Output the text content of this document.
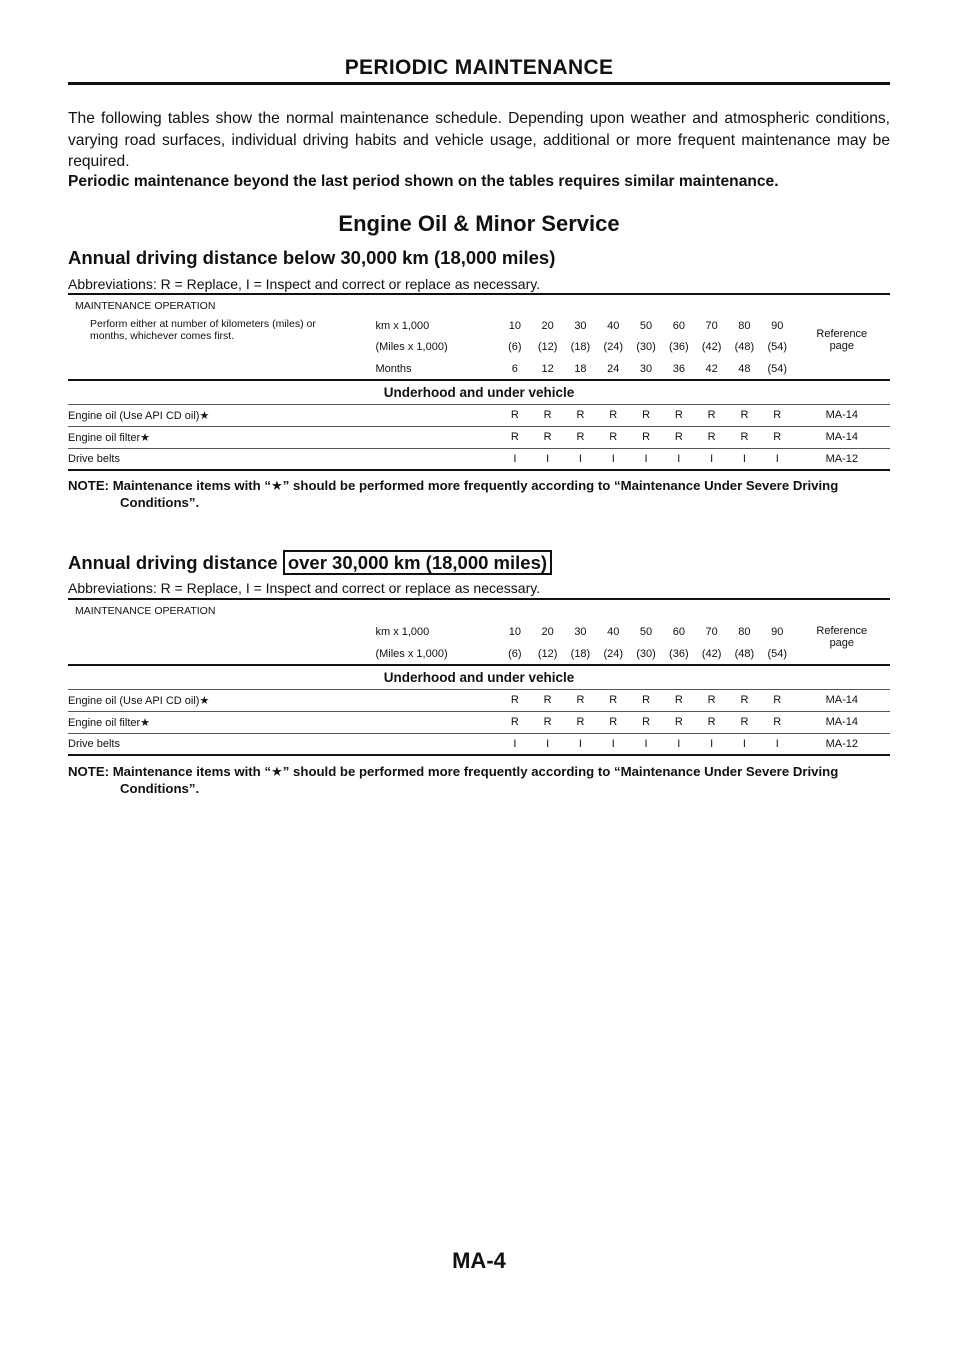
PERIODIC MAINTENANCE
The following tables show the normal maintenance schedule. Depending upon weather and atmospheric conditions, varying road surfaces, individual driving habits and vehicle usage, additional or more frequent maintenance may be required.
Periodic maintenance beyond the last period shown on the tables requires similar maintenance.
Engine Oil & Minor Service
Annual driving distance below 30,000 km (18,000 miles)
Abbreviations: R = Replace, I = Inspect and correct or replace as necessary.
MAINTENANCE OPERATION											

Perform either at number of kilometers (miles) or months, whichever comes first.	km x 1,000	10	20	30	40	50	60	70	80	90	Reference page

	(Miles x 1,000)	(6)	(12)	(18)	(24)	(30)	(36)	(42)	(48)	(54)	
	Months	6	12	18	24	30	36	42	48	(54)	
Underhood and under vehicle											
Engine oil (Use API CD oil)★		R	R	R	R	R	R	R	R	R	MA-14
Engine oil filter★		R	R	R	R	R	R	R	R	R	MA-14
Drive belts		I	I	I	I	I	I	I	I	I	MA-12
NOTE: Maintenance items with “★” should be performed more frequently according to “Maintenance Under Severe Driving
Conditions”.
Annual driving distance over 30,000 km (18,000 miles)
Abbreviations: R = Replace, I = Inspect and correct or replace as necessary.
MAINTENANCE OPERATION											
	km x 1,000	10	20	30	40	50	60	70	80	90	Reference page

	(Miles x 1,000)	(6)	(12)	(18)	(24)	(30)	(36)	(42)	(48)	(54)	
Underhood and under vehicle											
Engine oil (Use API CD oil)★		R	R	R	R	R	R	R	R	R	MA-14
Engine oil filter★		R	R	R	R	R	R	R	R	R	MA-14
Drive belts		I	I	I	I	I	I	I	I	I	MA-12
NOTE: Maintenance items with “★” should be performed more frequently according to “Maintenance Under Severe Driving
Conditions”.
MA-4
